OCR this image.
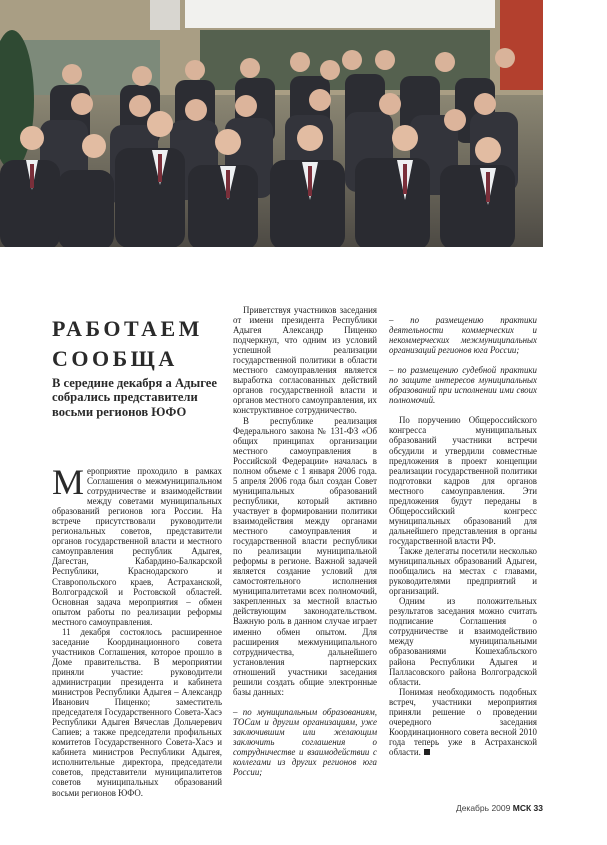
РАБОТАЕМ
СООБЩА
В середине декабря а Адыгее собрались представители восьми регионов ЮФО

Мероприятие проходило в рамках Соглашения о межмуниципальном сотрудничестве и взаимодействии между советами муниципальных образований регионов юга России. На встрече присутствовали руководители региональных советов, представители органов государственной власти и местного самоуправления республик Адыгея, Дагестан, Кабардино-Балкарской Республики, Краснодарского и Ставропольского краев, Астраханской, Волгоградской и Ростовской областей. Основная задача мероприятия – обмен опытом работы по реализации реформы местного самоуправления.

11 декабря состоялось расширенное заседание Координационного совета участников Соглашения, которое прошло в Доме правительства. В мероприятии приняли участие: руководители администрации президента и кабинета министров Республики Адыгея – Александр Иванович Пиценко; заместитель председателя Государственного Совета-Хасэ Республики Адыгея Вячеслав Дольчеревич Сапиев; а также председатели профильных комитетов Государственного Совета-Хасэ и кабинета министров Республики Адыгея, исполнительные директора, председатели советов, представители муниципалитетов советов муниципальных образований восьми регионов ЮФО.

Приветствуя участников заседания от имени президента Республики Адыгея Александр Пиценко подчеркнул, что одним из условий успешной реализации государственной политики в области местного самоуправления является выработка согласованных действий органов государственной власти и органов местного самоуправления, их конструктивное сотрудничество.

В республике реализация Федерального закона № 131-ФЗ «Об общих принципах организации местного самоуправления в Российской Федерации» началась в полном объеме с 1 января 2006 года. 5 апреля 2006 года был создан Совет муниципальных образований республики, который активно участвует в формировании политики взаимодействия между органами местного самоуправления и государственной власти республики по реализации муниципальной реформы в регионе. Важной задачей является создание условий для самостоятельного исполнения муниципалитетами всех полномочий, закрепленных за местной властью действующим законодательством. Важную роль в данном случае играет именно обмен опытом. Для расширения межмуниципального сотрудничества, дальнейшего установления партнерских отношений участники заседания решили создать общие электронные базы данных:

– по муниципальным образованиям, ТОСам и другим организациям, уже заключившим или желающим заключить соглашения о сотрудничестве и взаимодействии с коллегами из других регионов юга России;

– по размещению практики деятельности коммерческих и некоммерческих межмуниципальных организаций регионов юга России;

– по размещению судебной практики по защите интересов муниципальных образований при исполнении ими своих полномочий.

По поручению Общероссийского конгресса муниципальных образований участники встречи обсудили и утвердили совместные предложения в проект концепции реализации государственной политики подготовки кадров для органов местного самоуправления. Эти предложения будут переданы в Общероссийский конгресс муниципальных образований для дальнейшего представления в органы государственной власти РФ.

Также делегаты посетили несколько муниципальных образований Адыгеи, пообщались на местах с главами, руководителями предприятий и организаций.

Одним из положительных результатов заседания можно считать подписание Соглашения о сотрудничестве и взаимодействию между муниципальными образованиями Кошехабльского района Республики Адыгея и Палласовского района Волгоградской области.

Понимая необходимость подобных встреч, участники мероприятия приняли решение о проведении очередного заседания Координационного совета весной 2010 года теперь уже в Астраханской области.

Декабрь 2009 МСК 33
